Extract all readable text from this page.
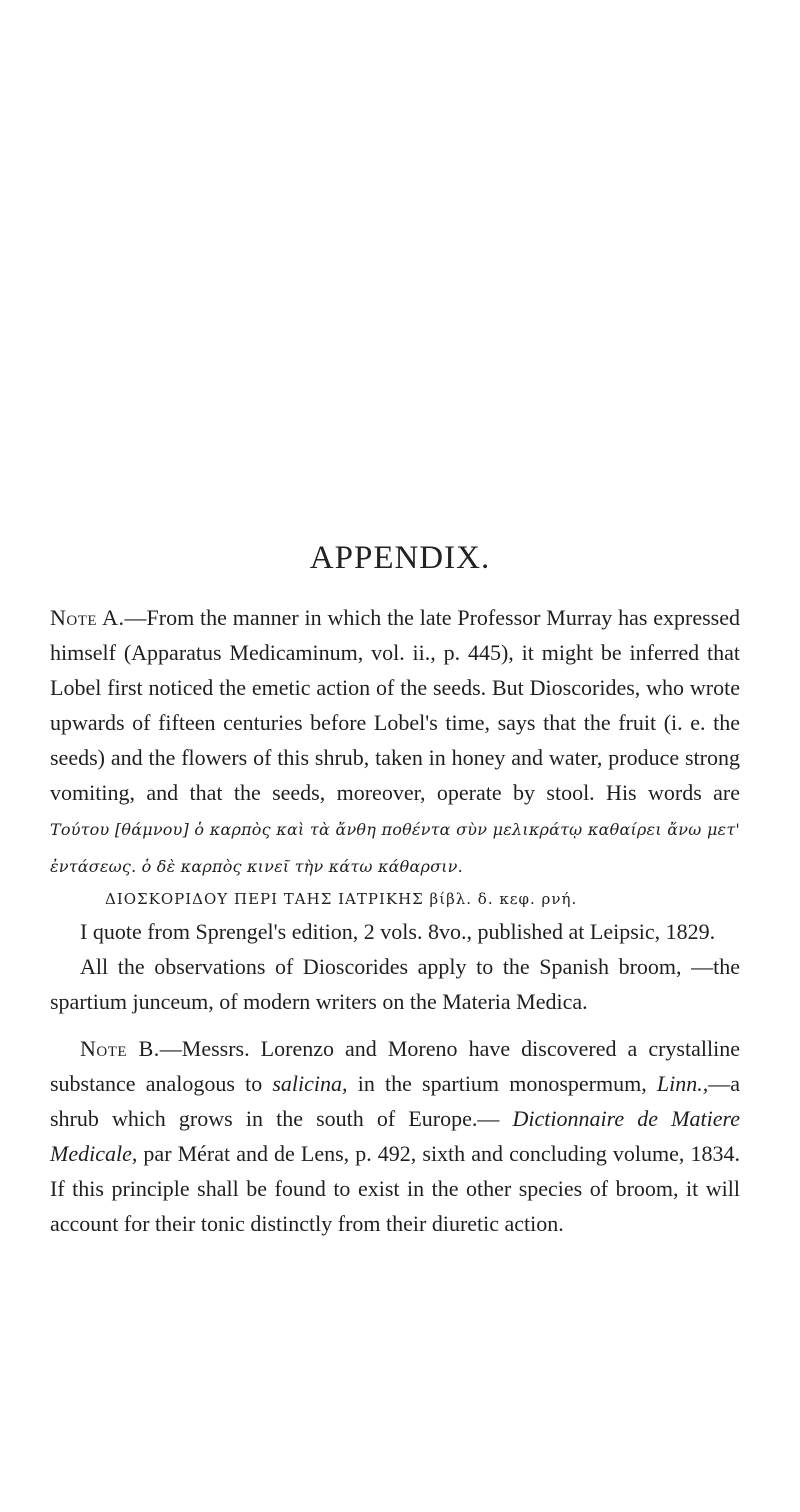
APPENDIX.

Note A.—From the manner in which the late Professor Murray has expressed himself (Apparatus Medicaminum, vol. ii., p. 445), it might be inferred that Lobel first noticed the emetic action of the seeds. But Dioscorides, who wrote upwards of fifteen centuries before Lobel's time, says that the fruit (i. e. the seeds) and the flowers of this shrub, taken in honey and water, produce strong vomiting, and that the seeds, moreover, operate by stool. His words are Τούτου [θάμνου] ὁ καρπὸς καὶ τὰ ἄνθη ποθέντα σὺν μελικράτῳ καθαίρει ἄνω μετ' ἐντάσεως. ὁ δὲ καρπὸς κινεῖ τὴν κάτω κάθαρσιν.

ΔΙΟΣΚΟΡΙΔΟΥ ΠΕΡΙ ΤΑΗΣ ΙΑΤΡΙΚΗΣ βίβλ. δ. κεφ. ρνή.

I quote from Sprengel's edition, 2 vols. 8vo., published at Leipsic, 1829.

All the observations of Dioscorides apply to the Spanish broom, —the spartium junceum, of modern writers on the Materia Medica.

Note B.—Messrs. Lorenzo and Moreno have discovered a crystalline substance analogous to salicina, in the spartium monospermum, Linn.,—a shrub which grows in the south of Europe.— Dictionnaire de Matiere Medicale, par Mérat and de Lens, p. 492, sixth and concluding volume, 1834. If this principle shall be found to exist in the other species of broom, it will account for their tonic distinctly from their diuretic action.
